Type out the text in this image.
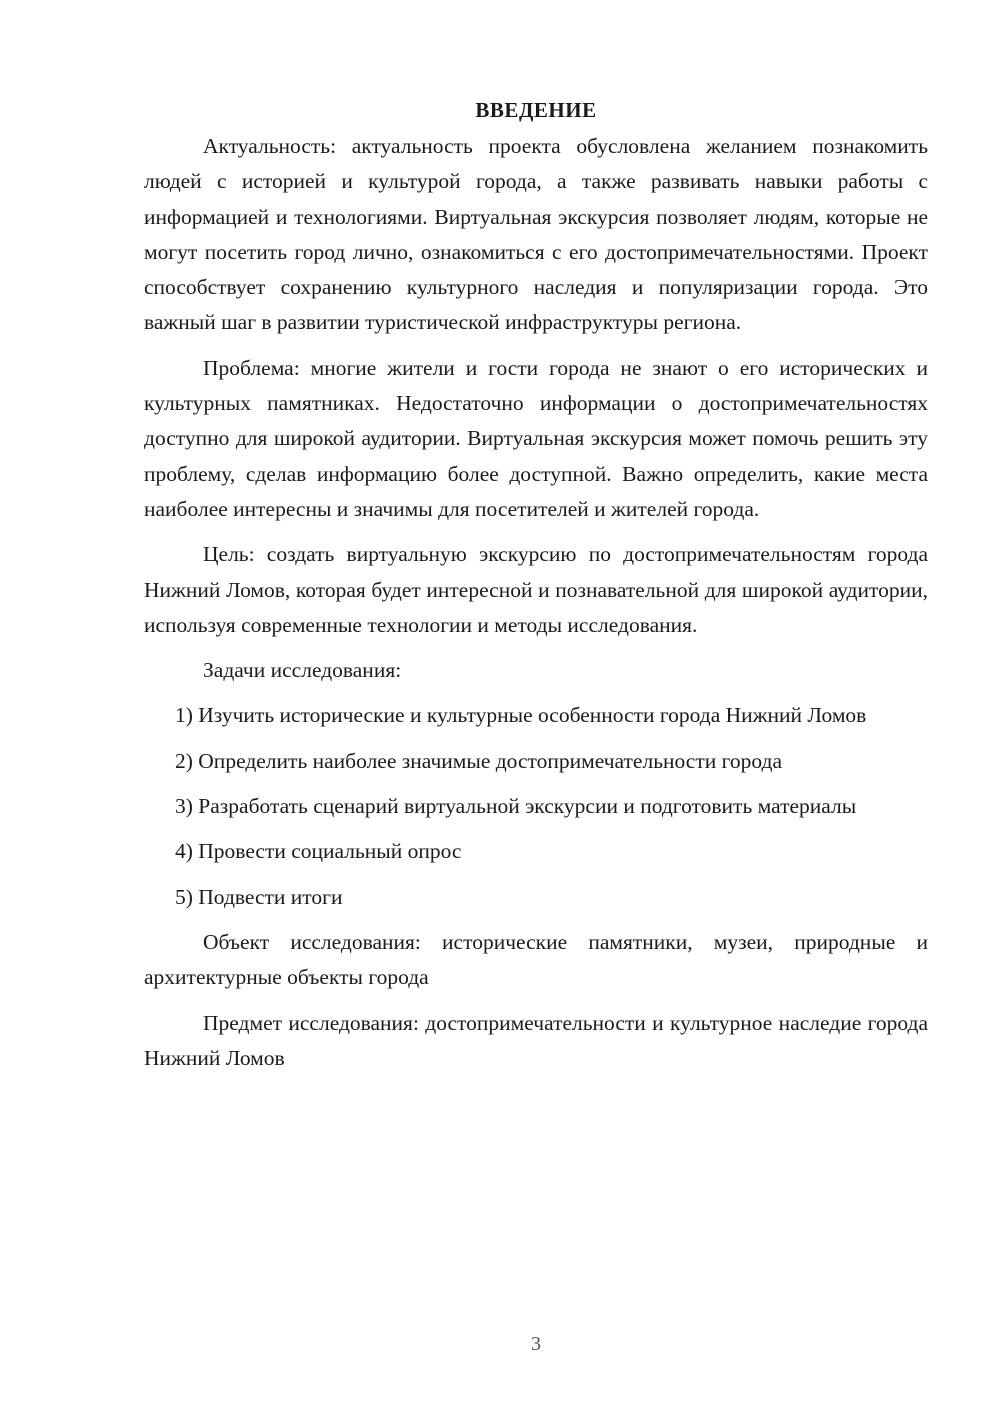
ВВЕДЕНИЕ

Актуальность: актуальность проекта обусловлена желанием познакомить людей с историей и культурой города, а также развивать навыки работы с информацией и технологиями. Виртуальная экскурсия позволяет людям, которые не могут посетить город лично, ознакомиться с его достопримечательностями. Проект способствует сохранению культурного наследия и популяризации города. Это важный шаг в развитии туристической инфраструктуры региона.

Проблема: многие жители и гости города не знают о его исторических и культурных памятниках. Недостаточно информации о достопримечательностях доступно для широкой аудитории. Виртуальная экскурсия может помочь решить эту проблему, сделав информацию более доступной. Важно определить, какие места наиболее интересны и значимы для посетителей и жителей города.

Цель: создать виртуальную экскурсию по достопримечательностям города Нижний Ломов, которая будет интересной и познавательной для широкой аудитории, используя современные технологии и методы исследования.

Задачи исследования:

1) Изучить исторические и культурные особенности города Нижний Ломов

2) Определить наиболее значимые достопримечательности города

3) Разработать сценарий виртуальной экскурсии и подготовить материалы

4) Провести социальный опрос

5) Подвести итоги

Объект исследования: исторические памятники, музеи, природные и архитектурные объекты города

Предмет исследования: достопримечательности и культурное наследие города Нижний Ломов

3
